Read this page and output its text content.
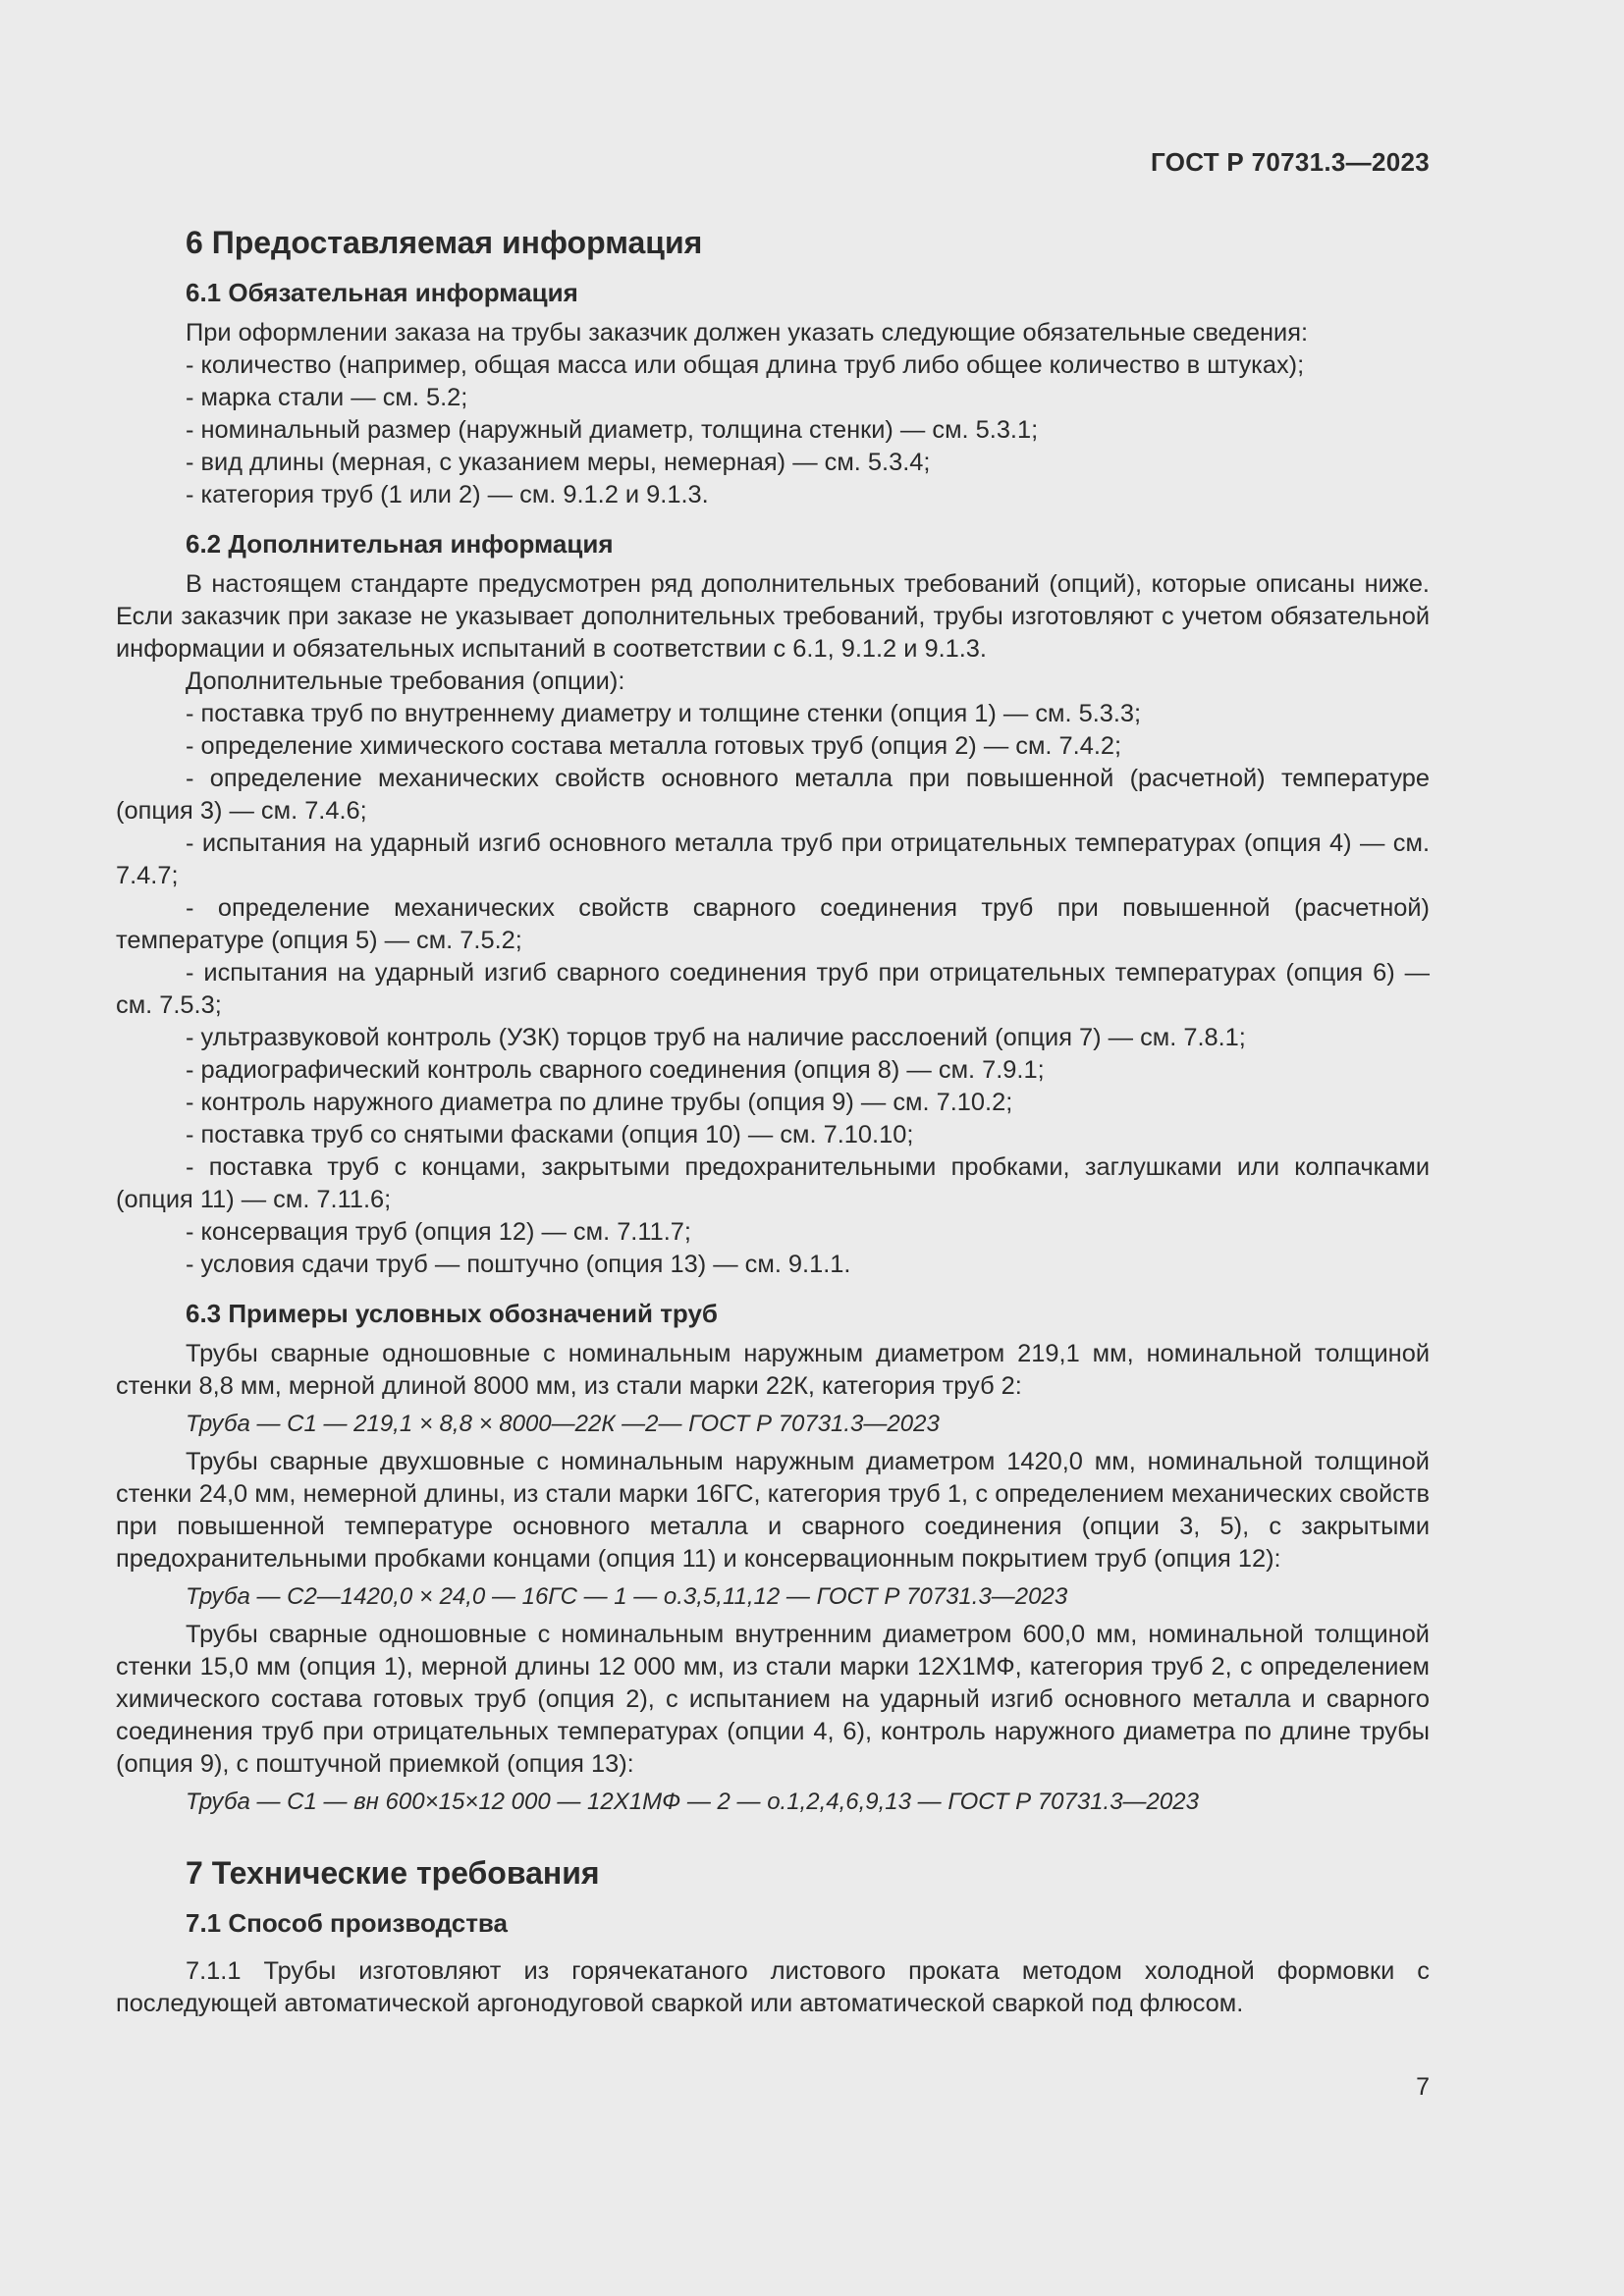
ГОСТ Р 70731.3—2023
6 Предоставляемая информация
6.1 Обязательная информация

При оформлении заказа на трубы заказчик должен указать следующие обязательные сведения:

- количество (например, общая масса или общая длина труб либо общее количество в штуках);

- марка стали — см. 5.2;

- номинальный размер (наружный диаметр, толщина стенки) — см. 5.3.1;

- вид длины (мерная, с указанием меры, немерная) — см. 5.3.4;

- категория труб (1 или 2) — см. 9.1.2 и 9.1.3.

6.2 Дополнительная информация

В настоящем стандарте предусмотрен ряд дополнительных требований (опций), которые описаны ниже. Если заказчик при заказе не указывает дополнительных требований, трубы изготовляют с учетом обязательной информации и обязательных испытаний в соответствии с 6.1, 9.1.2 и 9.1.3.

Дополнительные требования (опции):

- поставка труб по внутреннему диаметру и толщине стенки (опция 1) — см. 5.3.3;

- определение химического состава металла готовых труб (опция 2) — см. 7.4.2;

- определение механических свойств основного металла при повышенной (расчетной) температуре (опция 3) — см. 7.4.6;

- испытания на ударный изгиб основного металла труб при отрицательных температурах (опция 4) — см. 7.4.7;

- определение механических свойств сварного соединения труб при повышенной (расчетной) температуре (опция 5) — см. 7.5.2;

- испытания на ударный изгиб сварного соединения труб при отрицательных температурах (опция 6) — см. 7.5.3;

- ультразвуковой контроль (УЗК) торцов труб на наличие расслоений (опция 7) — см. 7.8.1;

- радиографический контроль сварного соединения (опция 8) — см. 7.9.1;

- контроль наружного диаметра по длине трубы (опция 9) — см. 7.10.2;

- поставка труб со снятыми фасками (опция 10) — см. 7.10.10;

- поставка труб с концами, закрытыми предохранительными пробками, заглушками или колпачками (опция 11) — см. 7.11.6;

- консервация труб (опция 12) — см. 7.11.7;

- условия сдачи труб — поштучно (опция 13) — см. 9.1.1.

6.3 Примеры условных обозначений труб

Трубы сварные одношовные с номинальным наружным диаметром 219,1 мм, номинальной толщиной стенки 8,8 мм, мерной длиной 8000 мм, из стали марки 22К, категория труб 2:

Труба — С1 — 219,1 × 8,8 × 8000—22К —2— ГОСТ Р 70731.3—2023

Трубы сварные двухшовные с номинальным наружным диаметром 1420,0 мм, номинальной толщиной стенки 24,0 мм, немерной длины, из стали марки 16ГС, категория труб 1, с определением механических свойств при повышенной температуре основного металла и сварного соединения (опции 3, 5), с закрытыми предохранительными пробками концами (опция 11) и консервационным покрытием труб (опция 12):

Труба — С2—1420,0 × 24,0 — 16ГС — 1 — о.3,5,11,12 — ГОСТ Р 70731.3—2023

Трубы сварные одношовные с номинальным внутренним диаметром 600,0 мм, номинальной толщиной стенки 15,0 мм (опция 1), мерной длины 12 000 мм, из стали марки 12Х1МФ, категория труб 2, с определением химического состава готовых труб (опция 2), с испытанием на ударный изгиб основного металла и сварного соединения труб при отрицательных температурах (опции 4, 6), контроль наружного диаметра по длине трубы (опция 9), с поштучной приемкой (опция 13):

Труба — С1 — вн 600×15×12 000 — 12Х1МФ — 2 — о.1,2,4,6,9,13 — ГОСТ Р 70731.3—2023

7 Технические требования
7.1 Способ производства

7.1.1 Трубы изготовляют из горячекатаного листового проката методом холодной формовки с последующей автоматической аргонодуговой сваркой или автоматической сваркой под флюсом.

7
